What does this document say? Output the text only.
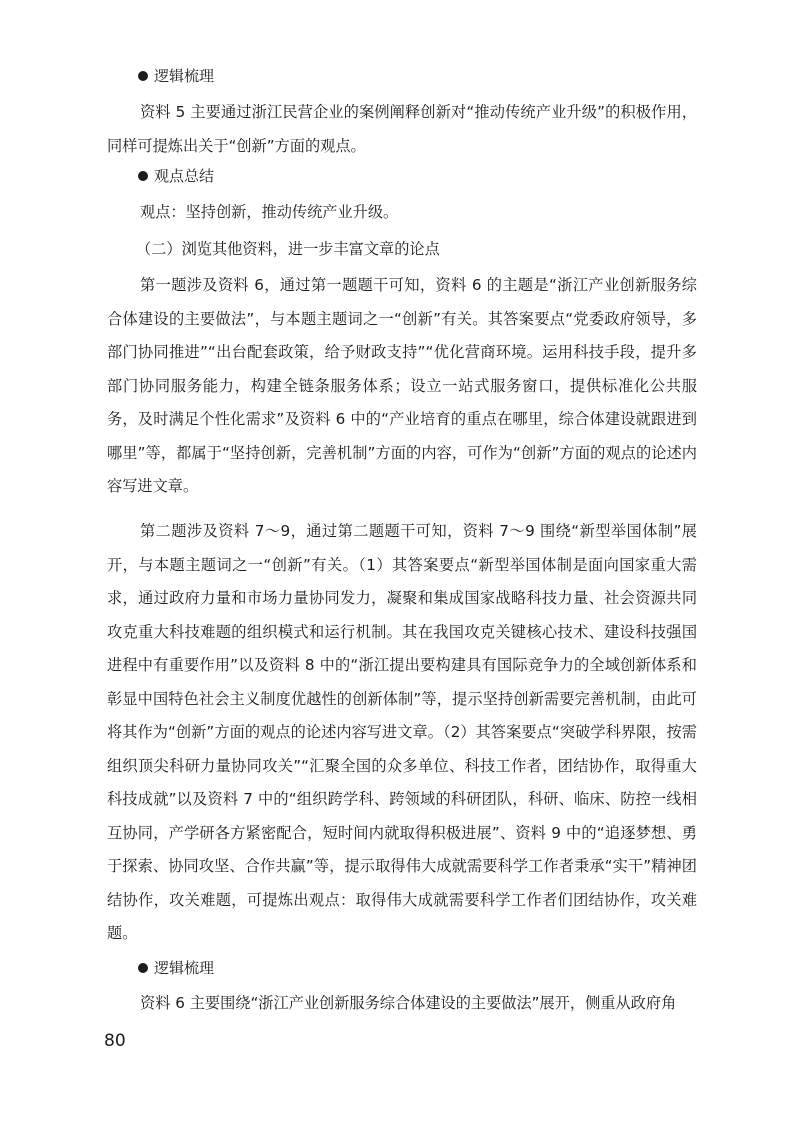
逻辑梳理
资料 5 主要通过浙江民营企业的案例阐释创新对“推动传统产业升级”的积极作用，同样可提炼出关于“创新”方面的观点。
观点总结
观点：坚持创新，推动传统产业升级。
（二）浏览其他资料，进一步丰富文章的论点
第一题涉及资料 6，通过第一题题干可知，资料 6 的主题是“浙江产业创新服务综合体建设的主要做法”，与本题主题词之一“创新”有关。其答案要点“党委政府领导，多部门协同推进”“出台配套政策，给予财政支持”“优化营商环境。运用科技手段，提升多部门协同服务能力，构建全链条服务体系；设立一站式服务窗口，提供标准化公共服务，及时满足个性化需求”及资料 6 中的“产业培育的重点在哪里，综合体建设就跟进到哪里”等，都属于“坚持创新，完善机制”方面的内容，可作为“创新”方面的观点的论述内容写进文章。
第二题涉及资料 7～9，通过第二题题干可知，资料 7～9 围绕“新型举国体制”展开，与本题主题词之一“创新”有关。（1）其答案要点“新型举国体制是面向国家重大需求，通过政府力量和市场力量协同发力，凝聚和集成国家战略科技力量、社会资源共同攻克重大科技难题的组织模式和运行机制。其在我国攻克关键核心技术、建设科技强国进程中有重要作用”以及资料 8 中的“浙江提出要构建具有国际竞争力的全域创新体系和彰显中国特色社会主义制度优越性的创新体制”等，提示坚持创新需要完善机制，由此可将其作为“创新”方面的观点的论述内容写进文章。（2）其答案要点“突破学科界限，按需组织顶尖科研力量协同攻关”“汇聚全国的众多单位、科技工作者，团结协作，取得重大科技成就”以及资料 7 中的“组织跨学科、跨领域的科研团队，科研、临床、防控一线相互协同，产学研各方紧密配合，短时间内就取得积极进展”、资料 9 中的“追逐梦想、勇于探索、协同攻坚、合作共赢”等，提示取得伟大成就需要科学工作者秉承“实干”精神团结协作，攻关难题，可提炼出观点：取得伟大成就需要科学工作者们团结协作，攻关难题。
逻辑梳理
资料 6 主要围绕“浙江产业创新服务综合体建设的主要做法”展开，侧重从政府角
80
